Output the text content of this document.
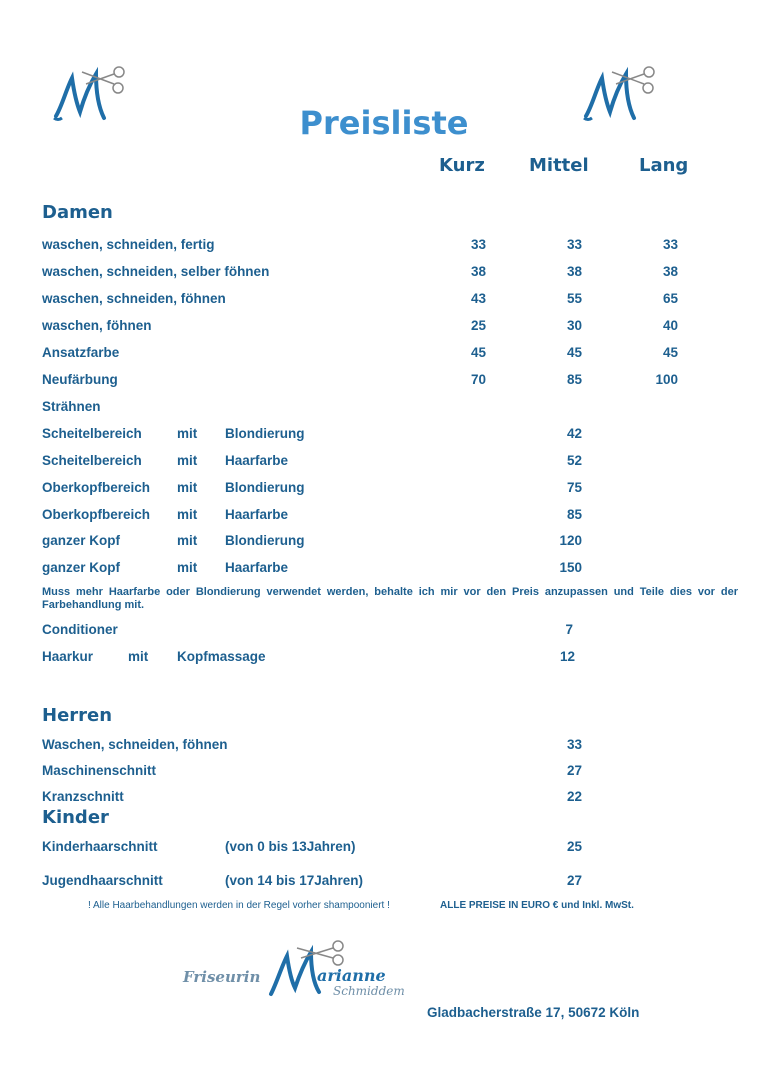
Preisliste
Kurz Mittel	Lang
Damen
waschen, schneiden, fertig	33	33	33
waschen, schneiden, selber föhnen	38	38	38
waschen, schneiden, föhnen	43	55	65
waschen, föhnen	25	30	40
Ansatzfarbe	45	45	45
Neufärbung	70	85	100
Strähnen
Scheitelbereich	mit Blondierung	42
Scheitelbereich	mit Haarfarbe	52
Oberkopfbereich mit Blondierung	75
Oberkopfbereich mit Haarfarbe	85
ganzer Kopf	mit Blondierung	120
ganzer Kopf	mit Haarfarbe	150
Muss mehr Haarfarbe oder Blondierung verwendet werden, behalte ich mir vor den Preis anzupassen und Teile dies vor der Farbehandlung mit.
Conditioner	7
Haarkur	mit Kopfmassage	12
Herren
Waschen, schneiden, föhnen	33
Maschinenschnitt	27
Kranzschnitt	22
Kinder
Kinderhaarschnitt	(von 0 bis 13Jahren)	25
Jugendhaarschnitt	(von 14 bis 17Jahren)	27
! Alle Haarbehandlungen werden in der Regel vorher shampooniert !	ALLE PREISE IN EURO € und Inkl. MwSt.
Friseurin	arianne
Schmiddem
Gladbacherstraße 17, 50672 Köln
